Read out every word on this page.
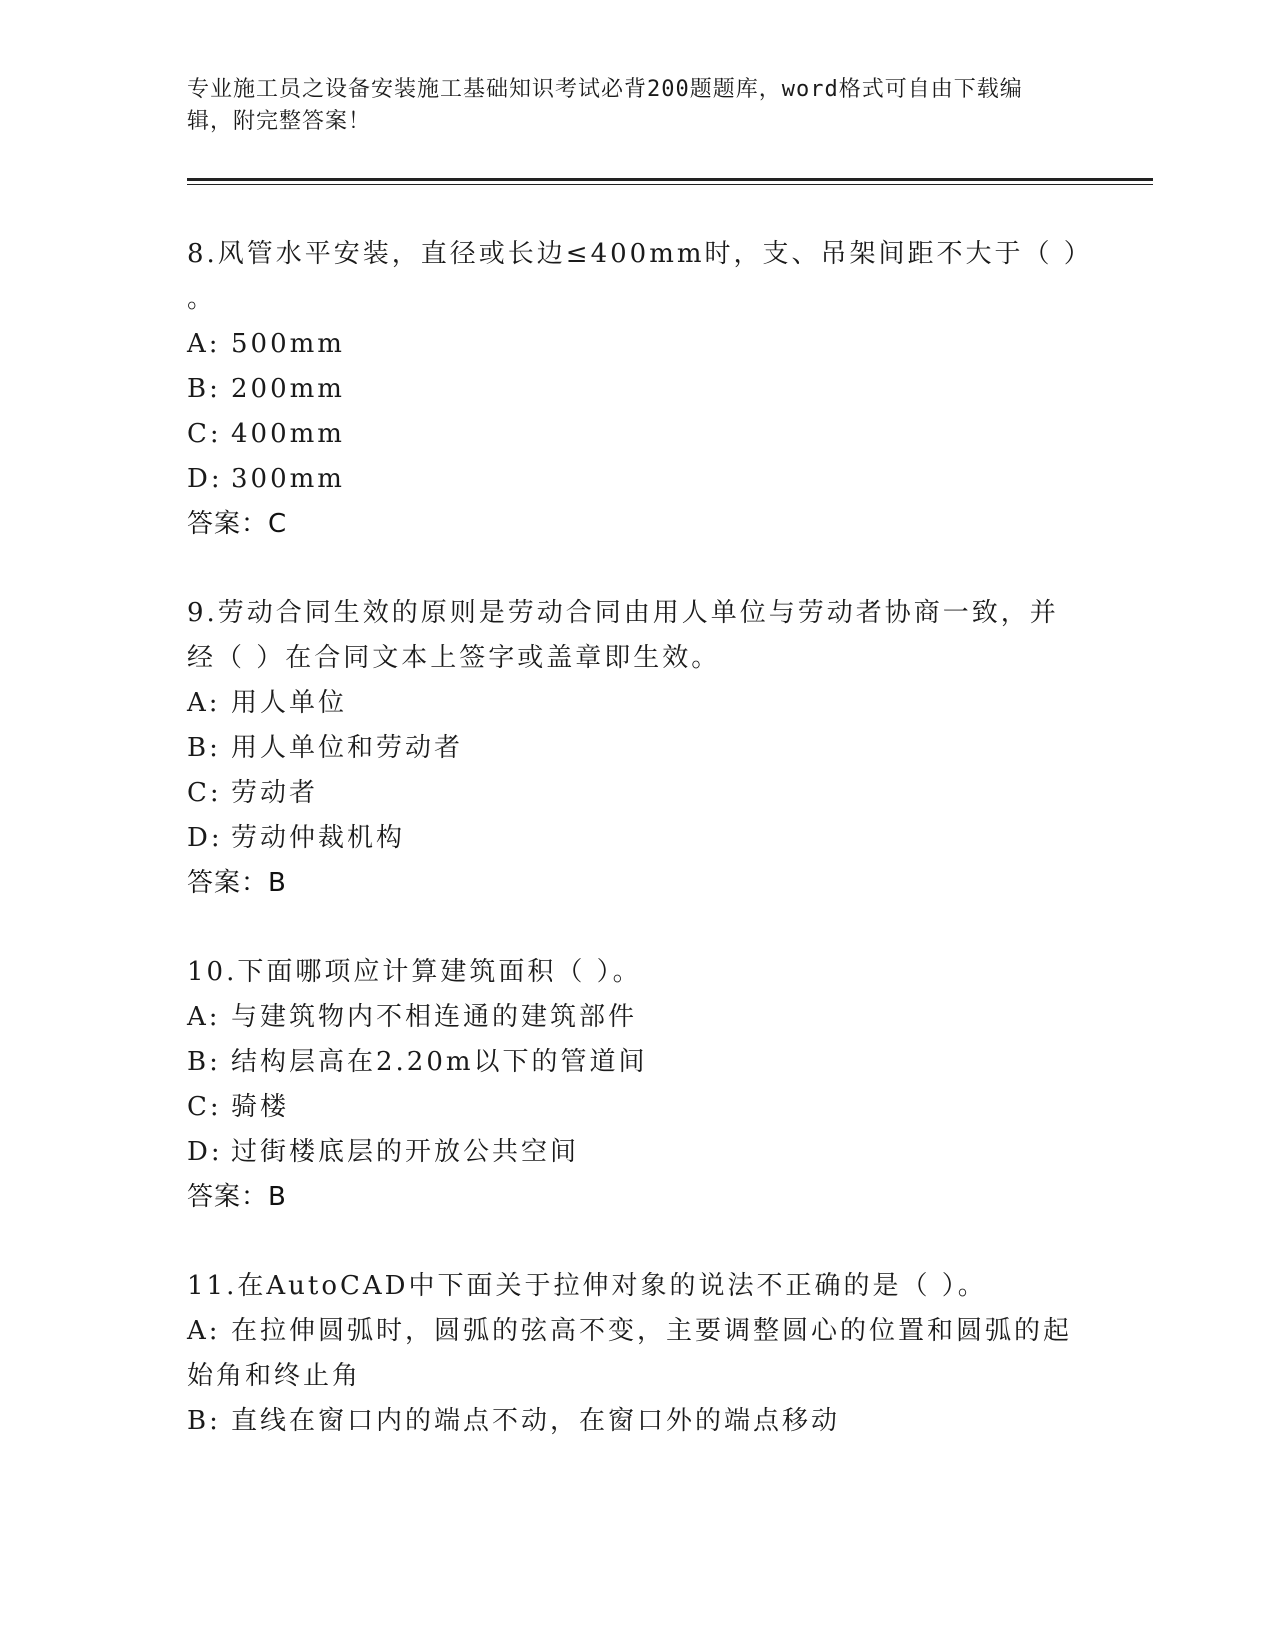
专业施工员之设备安装施工基础知识考试必背200题题库，word格式可自由下载编辑，附完整答案！

8.风管水平安装，直径或长边≤400mm时，支、吊架间距不大于（ ）

。

A: 500mm

B: 200mm

C: 400mm

D: 300mm

答案：C

9.劳动合同生效的原则是劳动合同由用人单位与劳动者协商一致，并经（ ）在合同文本上签字或盖章即生效。

A: 用人单位

B: 用人单位和劳动者

C: 劳动者

D: 劳动仲裁机构

答案：B

10.下面哪项应计算建筑面积（ ）。

A: 与建筑物内不相连通的建筑部件

B: 结构层高在2.20m以下的管道间

C: 骑楼

D: 过街楼底层的开放公共空间

答案：B

11.在AutoCAD中下面关于拉伸对象的说法不正确的是（ ）。

A: 在拉伸圆弧时，圆弧的弦高不变，主要调整圆心的位置和圆弧的起始角和终止角

B: 直线在窗口内的端点不动，在窗口外的端点移动
